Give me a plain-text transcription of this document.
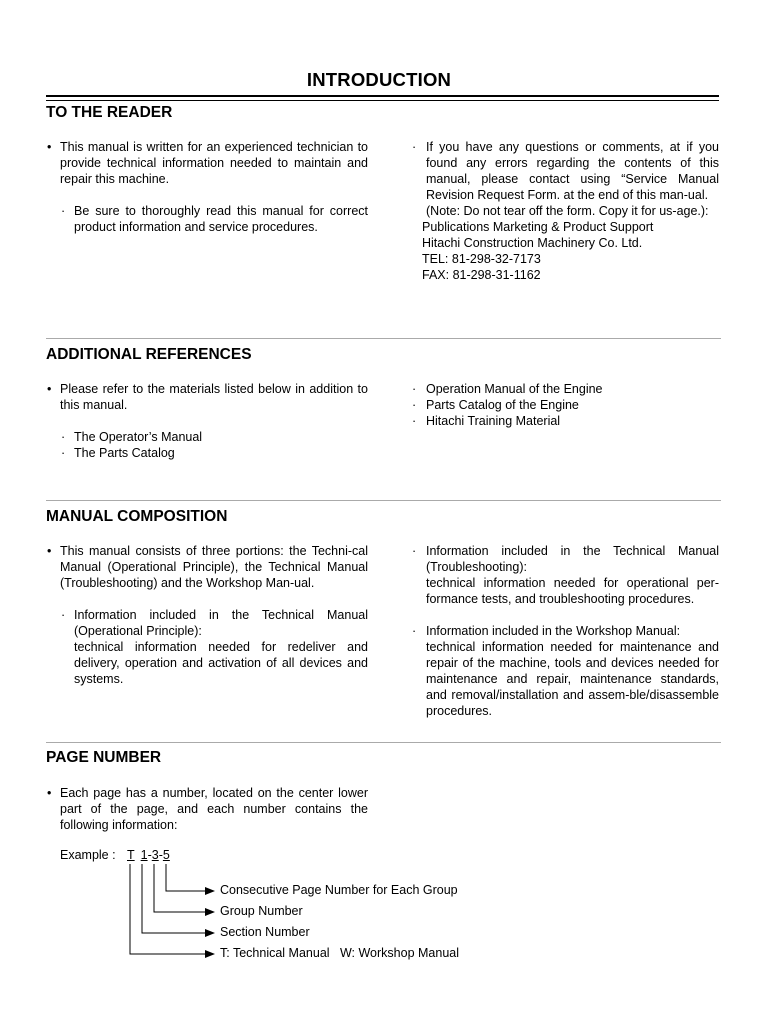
INTRODUCTION
TO THE READER

• This manual is written for an experienced technician to provide technical information needed to maintain and repair this machine.

· Be sure to thoroughly read this manual for correct product information and service procedures.

· If you have any questions or comments, at if you found any errors regarding the contents of this manual, please contact using “Service Manual Revision Request Form. at the end of this man-ual.

(Note: Do not tear off the form. Copy it for us-age.):

Publications Marketing & Product Support
Hitachi Construction Machinery Co. Ltd.
TEL: 81-298-32-7173
FAX: 81-298-31-1162
ADDITIONAL REFERENCES

• Please refer to the materials listed below in addition to this manual.

· The Operator’s Manual

· The Parts Catalog

· Operation Manual of the Engine

· Parts Catalog of the Engine

· Hitachi Training Material

MANUAL COMPOSITION

• This manual consists of three portions: the Techni-cal Manual (Operational Principle), the Technical Manual (Troubleshooting) and the Workshop Man-ual.

· Information included in the Technical Manual (Operational Principle):

technical information needed for redeliver and delivery, operation and activation of all devices and systems.

· Information included in the Technical Manual (Troubleshooting):

technical information needed for operational per-formance tests, and troubleshooting procedures.

· Information included in the Workshop Manual:

technical information needed for maintenance and repair of the machine, tools and devices needed for maintenance and repair, maintenance standards, and removal/installation and assem-ble/disassemble procedures.

PAGE NUMBER

• Each page has a number, located on the center lower part of the page, and each number contains the following information:

Example : T 1-3-5
Consecutive Page Number for Each Group
Group Number
Section Number
T: Technical Manual   W: Workshop Manual
